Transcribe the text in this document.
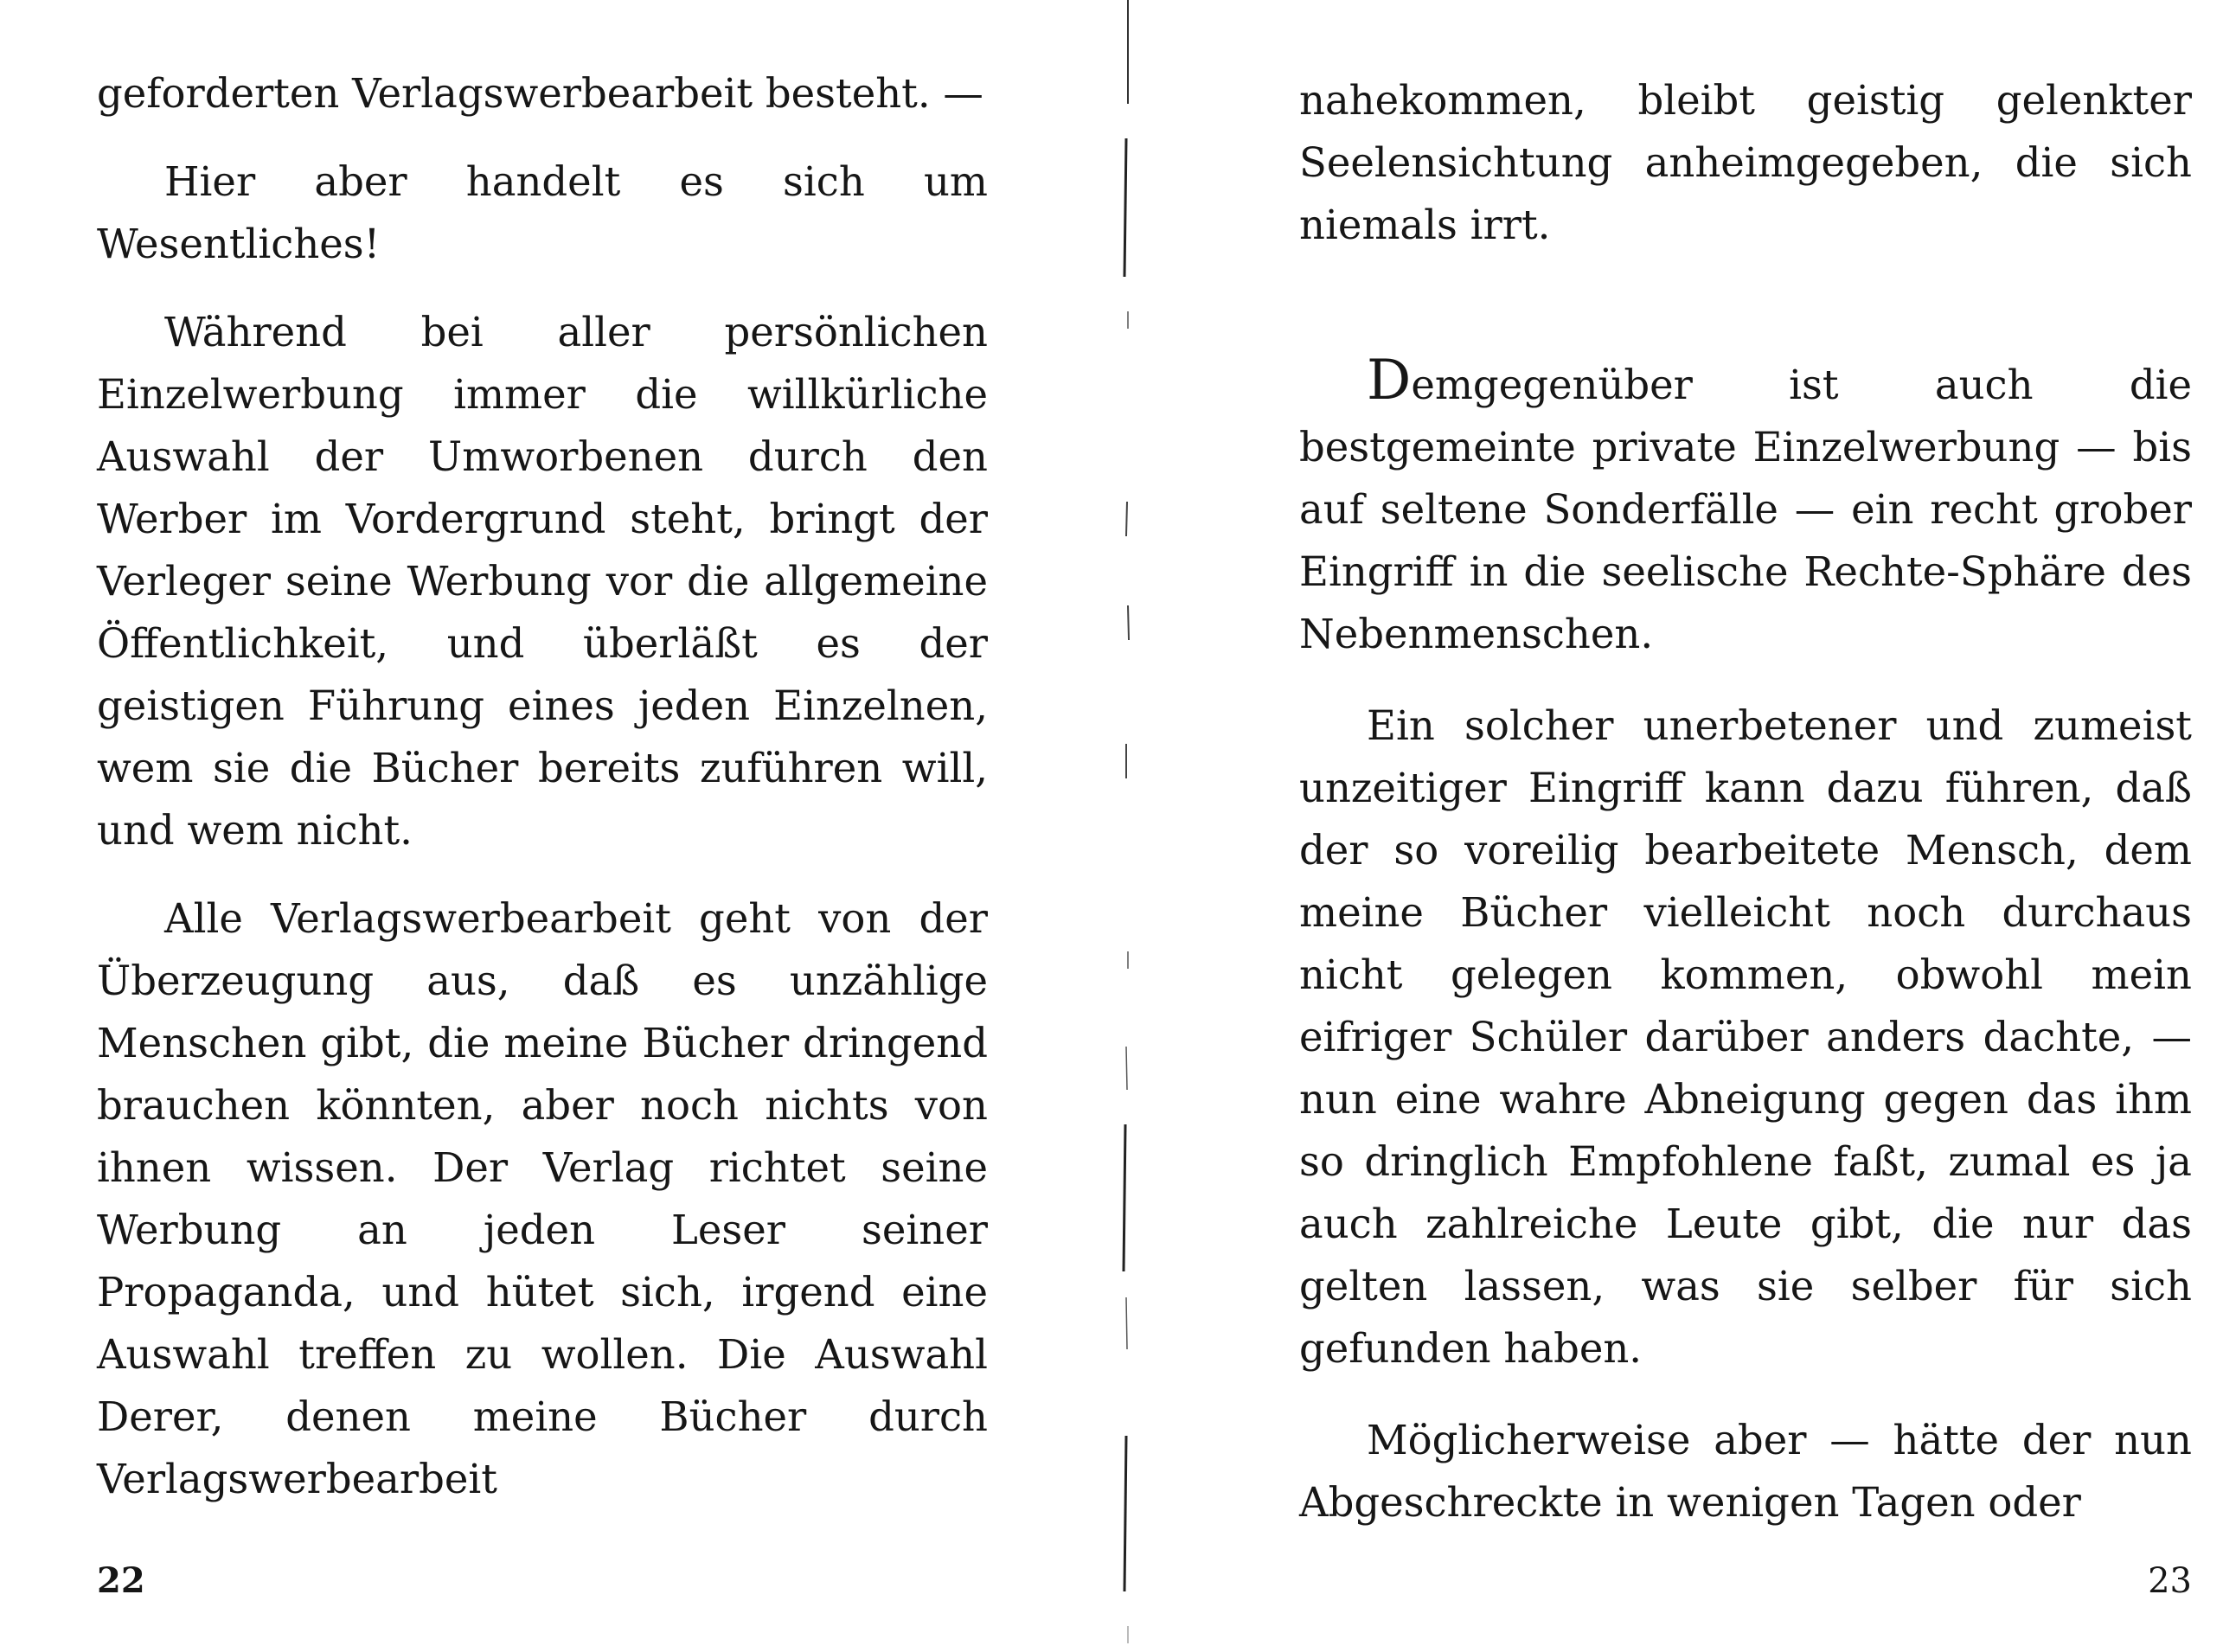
geforderten Verlagswerbearbeit besteht. —

Hier aber handelt es sich um Wesentliches!

Während bei aller persönlichen Einzelwerbung immer die willkürliche Auswahl der Umworbenen durch den Werber im Vordergrund steht, bringt der Verleger seine Werbung vor die allgemeine Öffentlichkeit, und überläßt es der geistigen Führung eines jeden Einzelnen, wem sie die Bücher bereits zuführen will, und wem nicht.

Alle Verlagswerbearbeit geht von der Überzeugung aus, daß es unzählige Menschen gibt, die meine Bücher dringend brauchen könnten, aber noch nichts von ihnen wissen. Der Verlag richtet seine Werbung an jeden Leser seiner Propaganda, und hütet sich, irgend eine Auswahl treffen zu wollen. Die Auswahl Derer, denen meine Bücher durch Verlagswerbearbeit

22

nahekommen, bleibt geistig gelenkter Seelensichtung anheimgegeben, die sich niemals irrt.

Demgegenüber ist auch die bestgemeinte private Einzelwerbung — bis auf seltene Sonderfälle — ein recht grober Eingriff in die seelische Rechte-Sphäre des Nebenmenschen.

Ein solcher unerbetener und zumeist unzeitiger Eingriff kann dazu führen, daß der so voreilig bearbeitete Mensch, dem meine Bücher vielleicht noch durchaus nicht gelegen kommen, obwohl mein eifriger Schüler darüber anders dachte, — nun eine wahre Abneigung gegen das ihm so dringlich Empfohlene faßt, zumal es ja auch zahlreiche Leute gibt, die nur das gelten lassen, was sie selber für sich gefunden haben.

Möglicherweise aber — hätte der nun Abgeschreckte in wenigen Tagen oder

23
